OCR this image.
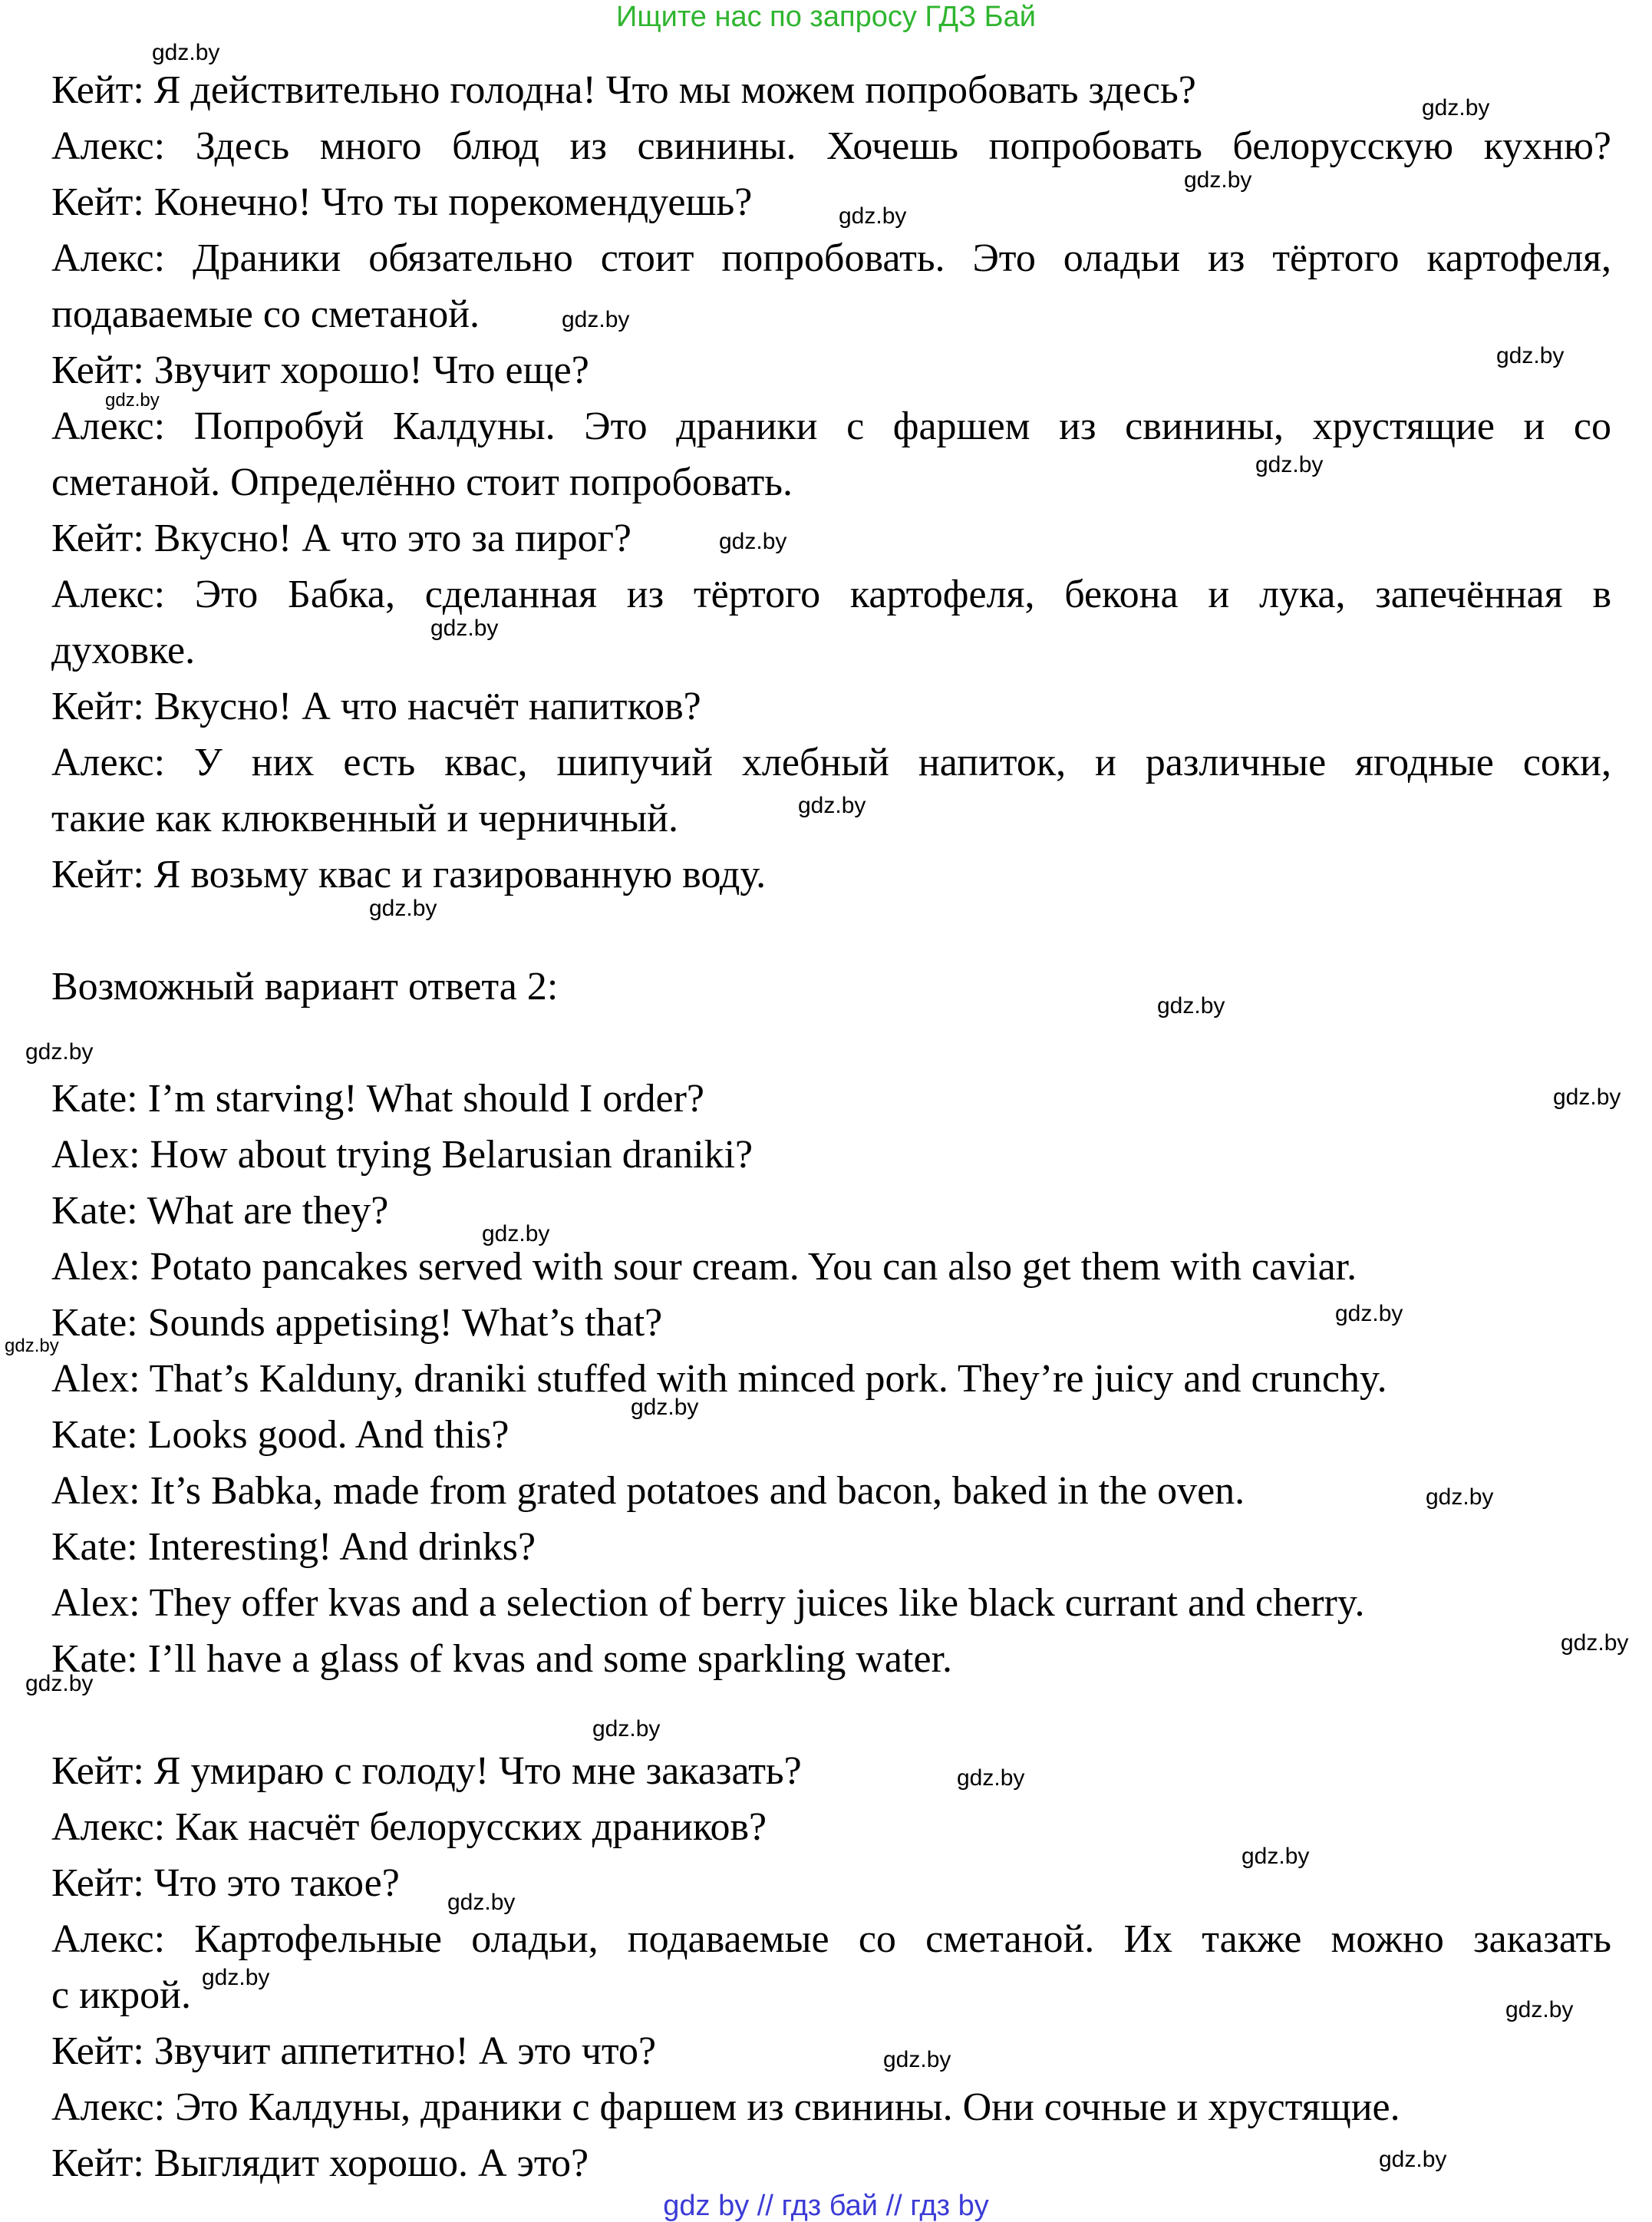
Ищите нас по запросу ГДЗ Бай
Кейт: Я действительно голодна! Что мы можем попробовать здесь?
Алекс: Здесь много блюд из свинины. Хочешь попробовать белорусскую кухню?
Кейт: Конечно! Что ты порекомендуешь?
Алекс: Драники обязательно стоит попробовать. Это оладьи из тёртого картофеля,
подаваемые со сметаной.
Кейт: Звучит хорошо! Что еще?
Алекс: Попробуй Калдуны. Это драники с фаршем из свинины, хрустящие и со
сметаной. Определённо стоит попробовать.
Кейт: Вкусно! А что это за пирог?
Алекс: Это Бабка, сделанная из тёртого картофеля, бекона и лука, запечённая в
духовке.
Кейт: Вкусно! А что насчёт напитков?
Алекс: У них есть квас, шипучий хлебный напиток, и различные ягодные соки,
такие как клюквенный и черничный.
Кейт: Я возьму квас и газированную воду.
Возможный вариант ответа 2:
Kate: I’m starving! What should I order?
Alex: How about trying Belarusian draniki?
Kate: What are they?
Alex: Potato pancakes served with sour cream. You can also get them with caviar.
Kate: Sounds appetising! What’s that?
Alex: That’s Kalduny, draniki stuffed with minced pork. They’re juicy and crunchy.
Kate: Looks good. And this?
Alex: It’s Babka, made from grated potatoes and bacon, baked in the oven.
Kate: Interesting! And drinks?
Alex: They offer kvas and a selection of berry juices like black currant and cherry.
Kate: I’ll have a glass of kvas and some sparkling water.
Кейт: Я умираю с голоду! Что мне заказать?
Алекс: Как насчёт белорусских драников?
Кейт: Что это такое?
Алекс: Картофельные оладьи, подаваемые со сметаной. Их также можно заказать
с икрой.
Кейт: Звучит аппетитно! А это что?
Алекс: Это Калдуны, драники с фаршем из свинины. Они сочные и хрустящие.
Кейт: Выглядит хорошо. А это?
gdz.by
gdz.by
gdz.by
gdz.by
gdz.by
gdz.by
gdz.by
gdz.by
gdz.by
gdz.by
gdz.by
gdz.by
gdz.by
gdz.by
gdz.by
gdz.by
gdz.by
gdz.by
gdz.by
gdz.by
gdz.by
gdz.by
gdz.by
gdz.by
gdz.by
gdz.by
gdz.by
gdz.by
gdz.by
gdz.by
gdz by // гдз бай // гдз by
